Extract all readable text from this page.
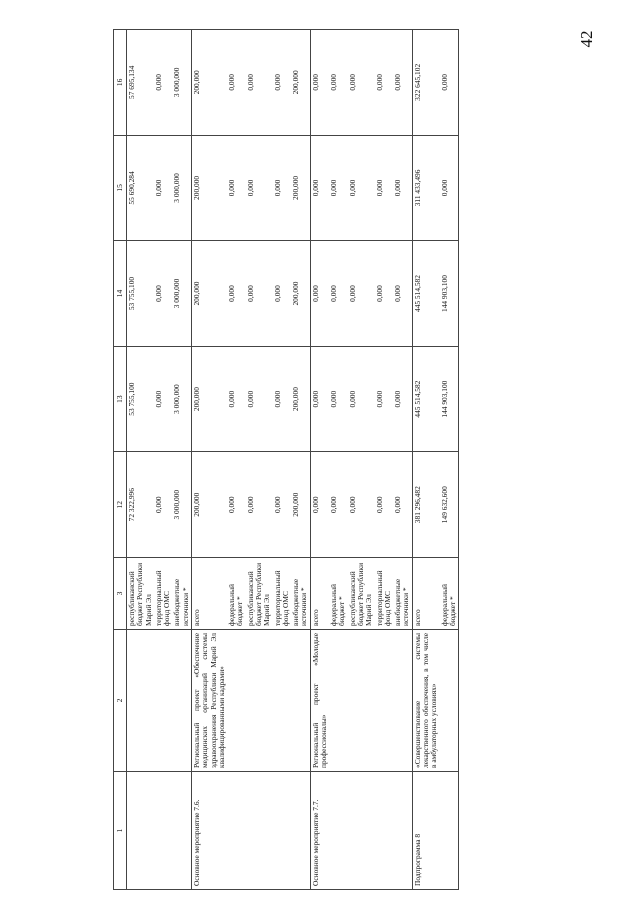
42
1	2	3	12	13	14	15	16
		республиканский бюджет Республики Марий Эл	72 322,996	53 755,100	53 755,100	55 690,284	57 695,134
		территориальный фонд ОМС	0,000	0,000	0,000	0,000	0,000
		внебюджетные источники *	3 000,000	3 000,000	3 000,000	3 000,000	3 000,000
Основное мероприятие 7.6.	Региональный проект «Обеспечение медицинских организаций системы здравоохранения Республики Марий Эл квалифицированными кадрами»	всего	200,000	200,000	200,000	200,000	200,000
		федеральный бюджет *	0,000	0,000	0,000	0,000	0,000
		республиканский бюджет Республики Марий Эл	0,000	0,000	0,000	0,000	0,000
		территориальный фонд ОМС	0,000	0,000	0,000	0,000	0,000
		внебюджетные источники *	200,000	200,000	200,000	200,000	200,000
Основное мероприятие 7.7.	Региональный проект «Молодые профессионалы»	всего	0,000	0,000	0,000	0,000	0,000
		федеральный бюджет *	0,000	0,000	0,000	0,000	0,000
		республиканский бюджет Республики Марий Эл	0,000	0,000	0,000	0,000	0,000
		территориальный фонд ОМС	0,000	0,000	0,000	0,000	0,000
		внебюджетные источники *	0,000	0,000	0,000	0,000	0,000
Подпрограмма 8	«Совершенствование системы лекарственного обеспечения, в том числе в амбулаторных условиях»	всего	381 296,482	445 514,582	445 514,582	311 433,496	322 645,102
		федеральный бюджет *	149 632,600	144 903,100	144 903,100	0,000	0,000
